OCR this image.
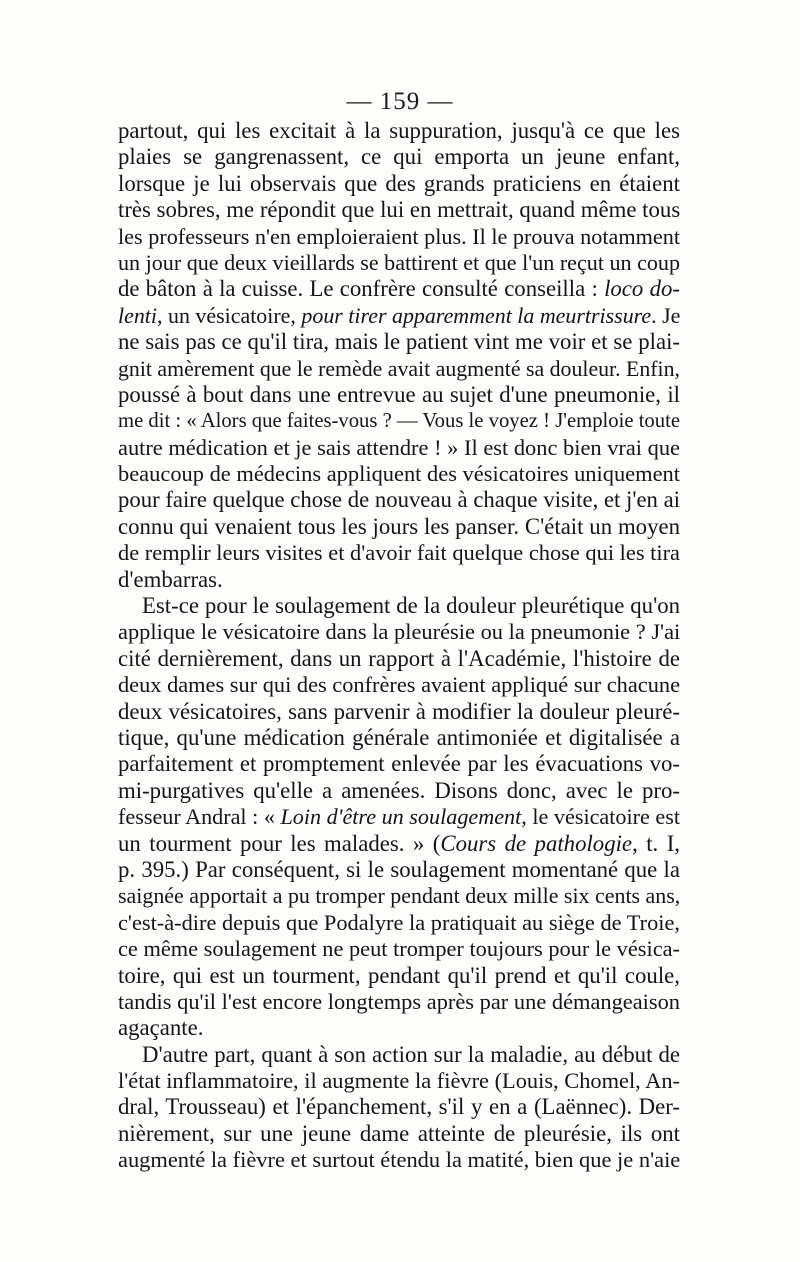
— 159 —
partout, qui les excitait à la suppuration, jusqu'à ce que les
plaies se gangrenassent, ce qui emporta un jeune enfant,
lorsque je lui observais que des grands praticiens en étaient
très sobres, me répondit que lui en mettrait, quand même tous
les professeurs n'en emploieraient plus. Il le prouva notamment
un jour que deux vieillards se battirent et que l'un reçut un coup
de bâton à la cuisse. Le confrère consulté conseilla : loco do-
lenti, un vésicatoire, pour tirer apparemment la meurtrissure. Je
ne sais pas ce qu'il tira, mais le patient vint me voir et se plai-
gnit amèrement que le remède avait augmenté sa douleur. Enfin,
poussé à bout dans une entrevue au sujet d'une pneumonie, il
me dit : « Alors que faites-vous ? — Vous le voyez ! J'emploie toute
autre médication et je sais attendre ! » Il est donc bien vrai que
beaucoup de médecins appliquent des vésicatoires uniquement
pour faire quelque chose de nouveau à chaque visite, et j'en ai
connu qui venaient tous les jours les panser. C'était un moyen
de remplir leurs visites et d'avoir fait quelque chose qui les tira
d'embarras.
Est-ce pour le soulagement de la douleur pleurétique qu'on
applique le vésicatoire dans la pleurésie ou la pneumonie ? J'ai
cité dernièrement, dans un rapport à l'Académie, l'histoire de
deux dames sur qui des confrères avaient appliqué sur chacune
deux vésicatoires, sans parvenir à modifier la douleur pleuré-
tique, qu'une médication générale antimoniée et digitalisée a
parfaitement et promptement enlevée par les évacuations vo-
mi-purgatives qu'elle a amenées. Disons donc, avec le pro-
fesseur Andral : « Loin d'être un soulagement, le vésicatoire est
un tourment pour les malades. » (Cours de pathologie, t. I,
p. 395.) Par conséquent, si le soulagement momentané que la
saignée apportait a pu tromper pendant deux mille six cents ans,
c'est-à-dire depuis que Podalyre la pratiquait au siège de Troie,
ce même soulagement ne peut tromper toujours pour le vésica-
toire, qui est un tourment, pendant qu'il prend et qu'il coule,
tandis qu'il l'est encore longtemps après par une démangeaison
agaçante.
D'autre part, quant à son action sur la maladie, au début de
l'état inflammatoire, il augmente la fièvre (Louis, Chomel, An-
dral, Trousseau) et l'épanchement, s'il y en a (Laënnec). Der-
nièrement, sur une jeune dame atteinte de pleurésie, ils ont
augmenté la fièvre et surtout étendu la matité, bien que je n'aie
